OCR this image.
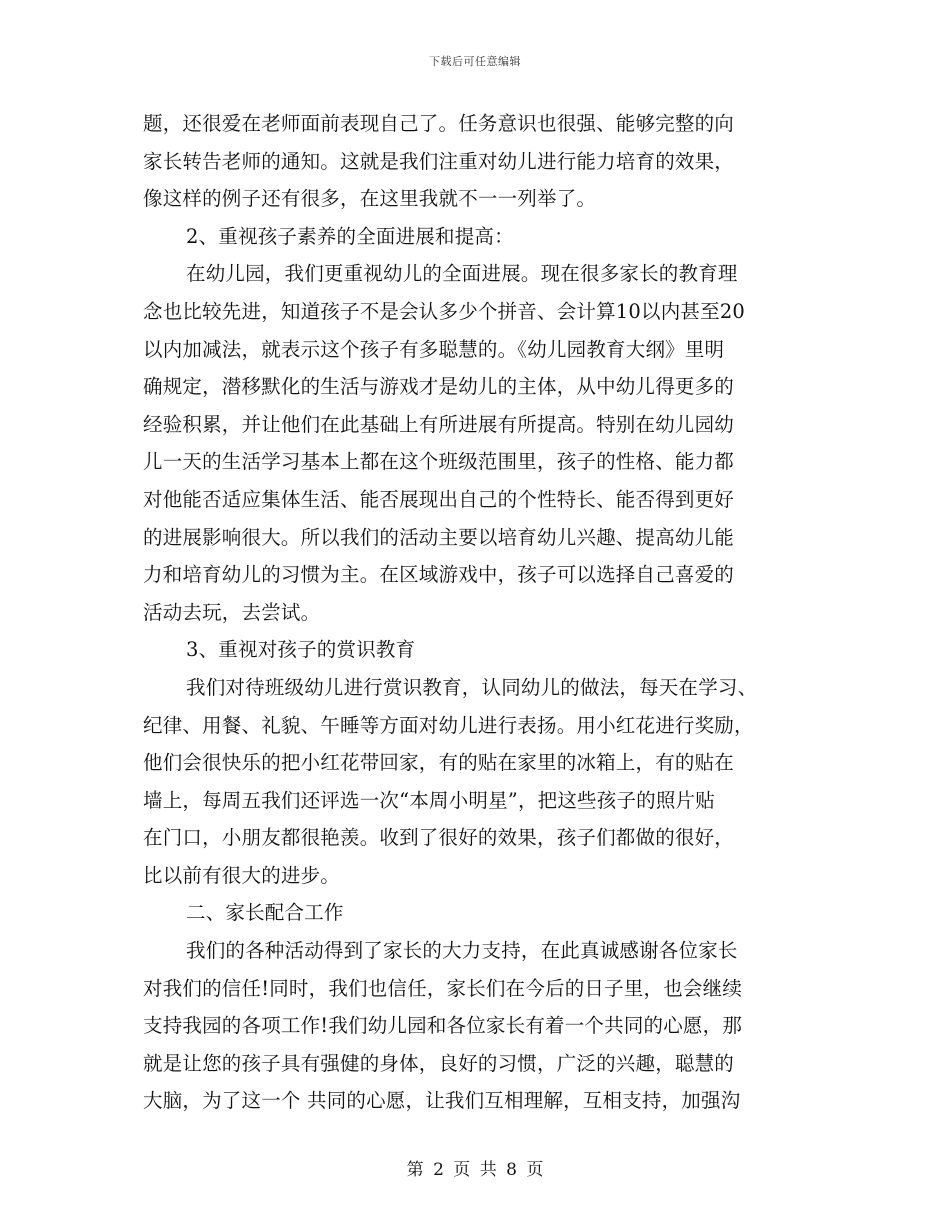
下载后可任意编辑
题，还很爱在老师面前表现自己了。任务意识也很强、能够完整的向
家长转告老师的通知。这就是我们注重对幼儿进行能力培育的效果，
像这样的例子还有很多，在这里我就不一一列举了。
2、重视孩子素养的全面进展和提高：
在幼儿园，我们更重视幼儿的全面进展。现在很多家长的教育理
念也比较先进，知道孩子不是会认多少个拼音、会计算10以内甚至20
以内加减法，就表示这个孩子有多聪慧的。《幼儿园教育大纲》里明
确规定，潜移默化的生活与游戏才是幼儿的主体，从中幼儿得更多的
经验积累，并让他们在此基础上有所进展有所提高。特别在幼儿园幼
儿一天的生活学习基本上都在这个班级范围里，孩子的性格、能力都
对他能否适应集体生活、能否展现出自己的个性特长、能否得到更好
的进展影响很大。所以我们的活动主要以培育幼儿兴趣、提高幼儿能
力和培育幼儿的习惯为主。在区域游戏中，孩子可以选择自己喜爱的
活动去玩，去尝试。
3、重视对孩子的赏识教育
我们对待班级幼儿进行赏识教育，认同幼儿的做法，每天在学习、
纪律、用餐、礼貌、午睡等方面对幼儿进行表扬。用小红花进行奖励，
他们会很快乐的把小红花带回家，有的贴在家里的冰箱上，有的贴在
墙上，每周五我们还评选一次“本周小明星”，把这些孩子的照片贴
在门口，小朋友都很艳羡。收到了很好的效果，孩子们都做的很好，
比以前有很大的进步。
二、家长配合工作
我们的各种活动得到了家长的大力支持，在此真诚感谢各位家长
对我们的信任!同时，我们也信任，家长们在今后的日子里，也会继续
支持我园的各项工作!我们幼儿园和各位家长有着一个共同的心愿，那
就是让您的孩子具有强健的身体，良好的习惯，广泛的兴趣，聪慧的
大脑，为了这一个 共同的心愿，让我们互相理解，互相支持，加强沟
第 2 页 共 8 页
